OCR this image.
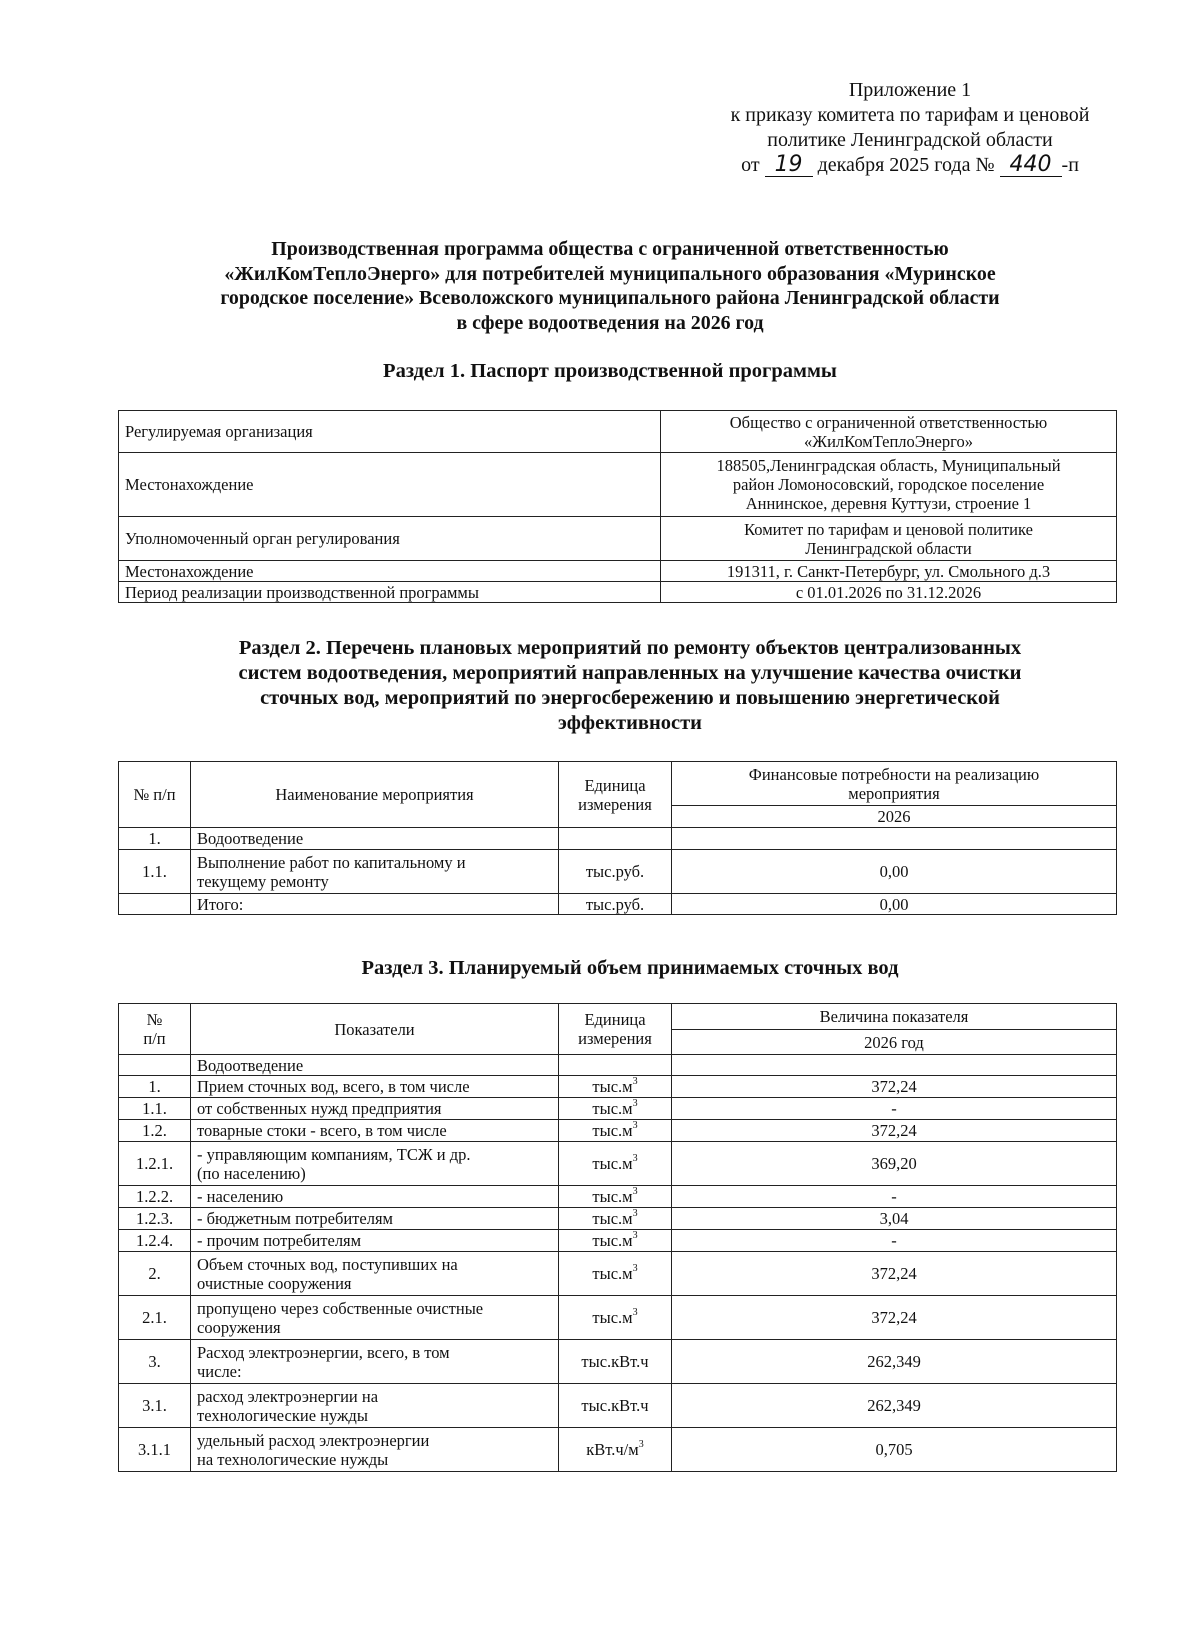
Приложение 1
к приказу комитета по тарифам и ценовой
политике Ленинградской области
от 19 декабря 2025 года № 440 -п
Производственная программа общества с ограниченной ответственностью
«ЖилКомТеплоЭнерго» для потребителей муниципального образования «Муринское
городское поселение» Всеволожского муниципального района Ленинградской области
в сфере водоотведения на 2026 год
Раздел 1. Паспорт производственной программы
Регулируемая организация	Общество с ограниченной ответственностью
«ЖилКомТеплоЭнерго»

Местонахождение	188505,Ленинградская область, Муниципальный
район Ломоносовский, городское поселение
Аннинское, деревня Куттузи, строение 1

Уполномоченный орган регулирования	Комитет по тарифам и ценовой политике
Ленинградской области

Местонахождение	191311, г. Санкт-Петербург, ул. Смольного д.3
Период реализации производственной программы	с 01.01.2026 по 31.12.2026
Раздел 2. Перечень плановых мероприятий по ремонту объектов централизованных
систем водоотведения, мероприятий направленных на улучшение качества очистки
сточных вод, мероприятий по энергосбережению и повышению энергетической
эффективности
№ п/п	Наименование мероприятия	Единица
измерения

Финансовые потребности на реализацию
мероприятия

			2026
1.	Водоотведение		
1.1.	Выполнение работ по капитальному и
текущему ремонту	тыс.руб.	0,00
	Итого:	тыс.руб.	0,00
Раздел 3. Планируемый объем принимаемых сточных вод
№
п/п	Показатели	Единица
измерения
	Величина показателя
			2026 год

	Водоотведение		

1.	Прием сточных вод, всего, в том числе	$тыс.м^3$	372,24
1.1.	от собственных нужд предприятия	$тыс.м^3$	-
1.2.	товарные стоки - всего, в том числе	$тыс.м^3$	372,24
1.2.1.	- управляющим компаниям, ТСЖ и др.
(по населению)	$тыс.м^3$	369,20
1.2.2.	- населению	$тыс.м^3$	-
1.2.3.	- бюджетным потребителям	$тыс.м^3$	3,04
1.2.4.	- прочим потребителям	$тыс.м^3$	-
2.	Объем сточных вод, поступивших на
очистные сооружения	$тыс.м^3$	372,24
2.1.	пропущено через собственные очистные
сооружения	$тыс.м^3$	372,24
3.	Расход электроэнергии, всего, в том
числе:	тыс.кВт.ч	262,349
3.1.	расход электроэнергии на
технологические нужды	тыс.кВт.ч	262,349
3.1.1	удельный расход электроэнергии
на технологические нужды	$кВт.ч/м^3$	0,705
